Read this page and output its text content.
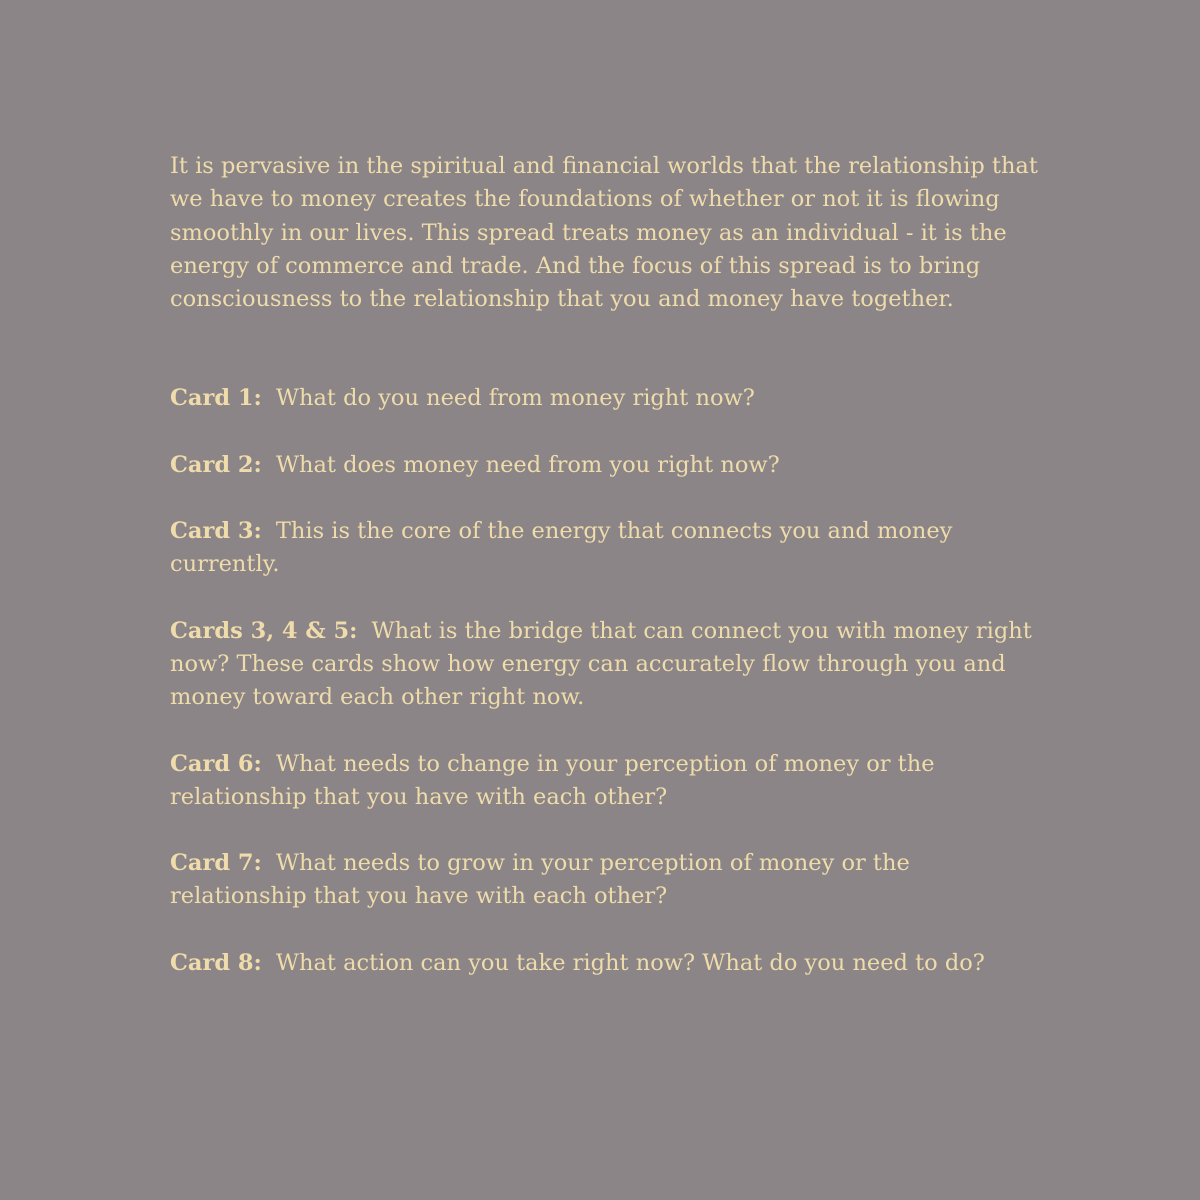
It is pervasive in the spiritual and financial worlds that the relationship that we have to money creates the foundations of whether or not it is flowing smoothly in our lives. This spread treats money as an individual - it is the energy of commerce and trade. And the focus of this spread is to bring consciousness to the relationship that you and money have together.

Card 1: What do you need from money right now?
Card 2: What does money need from you right now?
Card 3: This is the core of the energy that connects you and money currently.
Cards 3, 4 & 5: What is the bridge that can connect you with money right now? These cards show how energy can accurately flow through you and money toward each other right now.
Card 6: What needs to change in your perception of money or the relationship that you have with each other?
Card 7: What needs to grow in your perception of money or the relationship that you have with each other?
Card 8: What action can you take right now? What do you need to do?
